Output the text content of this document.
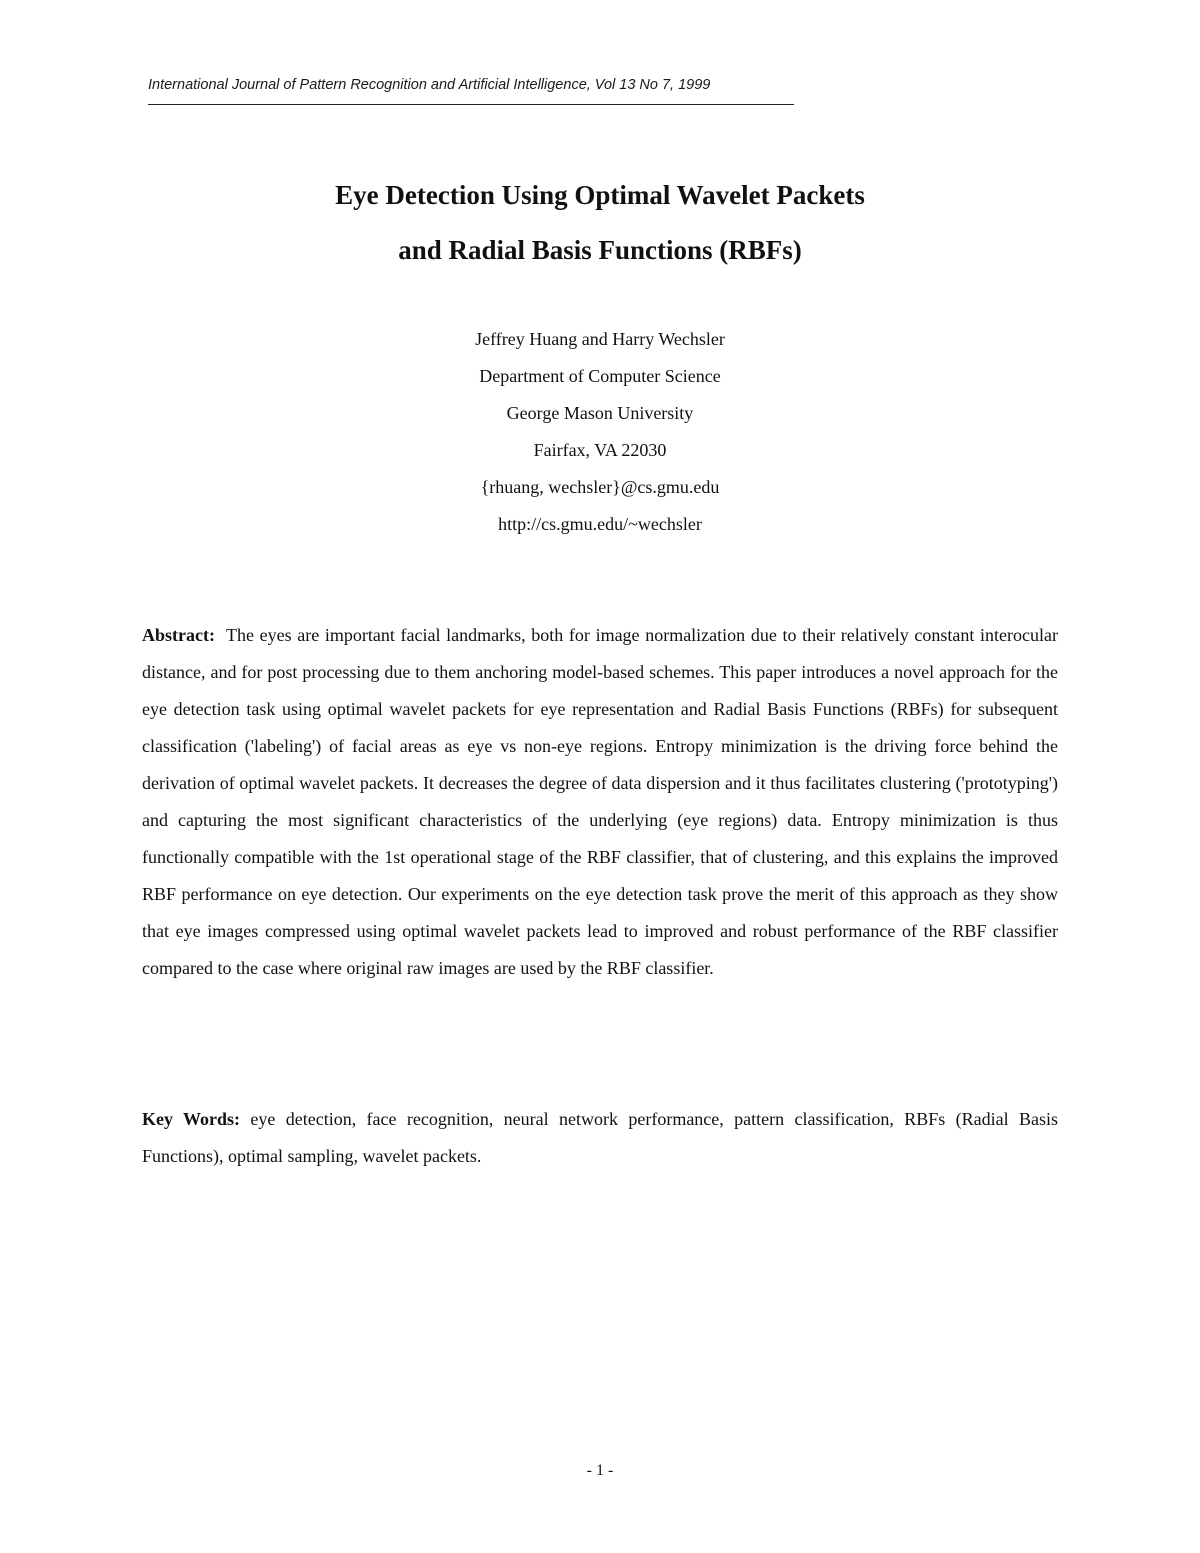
International Journal of Pattern Recognition and Artificial Intelligence, Vol 13 No 7, 1999
Eye Detection Using Optimal Wavelet Packets
and Radial Basis Functions (RBFs)
Jeffrey Huang and Harry Wechsler
Department of Computer Science
George Mason University
Fairfax, VA 22030
{rhuang, wechsler}@cs.gmu.edu
http://cs.gmu.edu/~wechsler

Abstract: The eyes are important facial landmarks, both for image normalization due to their relatively constant interocular distance, and for post processing due to them anchoring model-based schemes. This paper introduces a novel approach for the eye detection task using optimal wavelet packets for eye representation and Radial Basis Functions (RBFs) for subsequent classification ('labeling') of facial areas as eye vs non-eye regions. Entropy minimization is the driving force behind the derivation of optimal wavelet packets. It decreases the degree of data dispersion and it thus facilitates clustering ('prototyping') and capturing the most significant characteristics of the underlying (eye regions) data. Entropy minimization is thus functionally compatible with the 1st operational stage of the RBF classifier, that of clustering, and this explains the improved RBF performance on eye detection. Our experiments on the eye detection task prove the merit of this approach as they show that eye images compressed using optimal wavelet packets lead to improved and robust performance of the RBF classifier compared to the case where original raw images are used by the RBF classifier.

Key Words: eye detection, face recognition, neural network performance, pattern classification, RBFs (Radial Basis Functions), optimal sampling, wavelet packets.

- 1 -
